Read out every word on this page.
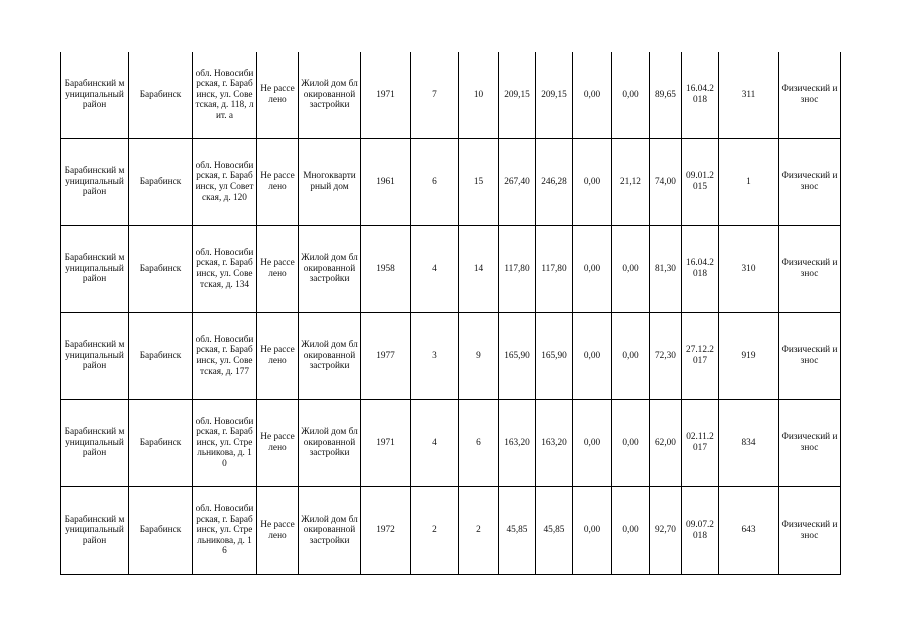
Барабинский муниципальный район	Барабинск	обл. Новосибирская, г. Барабинск, ул. Советская, д. 118, лит. а	Не расселено	Жилой дом блокированной застройки	1971	7	10	209,15	209,15	0,00	0,00	89,65	16.04.2018	311	Физический износ
Барабинский муниципальный район	Барабинск	обл. Новосибирская, г. Барабинск, ул Советская, д. 120	Не расселено	Многоквартирный дом	1961	6	15	267,40	246,28	0,00	21,12	74,00	09.01.2015	1	Физический износ
Барабинский муниципальный район	Барабинск	обл. Новосибирская, г. Барабинск, ул. Советская, д. 134	Не расселено	Жилой дом блокированной застройки	1958	4	14	117,80	117,80	0,00	0,00	81,30	16.04.2018	310	Физический износ
Барабинский муниципальный район	Барабинск	обл. Новосибирская, г. Барабинск, ул. Советская, д. 177	Не расселено	Жилой дом блокированной застройки	1977	3	9	165,90	165,90	0,00	0,00	72,30	27.12.2017	919	Физический износ
Барабинский муниципальный район	Барабинск	обл. Новосибирская, г. Барабинск, ул. Стрельникова, д. 10	Не расселено	Жилой дом блокированной застройки	1971	4	6	163,20	163,20	0,00	0,00	62,00	02.11.2017	834	Физический износ
Барабинский муниципальный район	Барабинск	обл. Новосибирская, г. Барабинск, ул. Стрельникова, д. 16	Не расселено	Жилой дом блокированной застройки	1972	2	2	45,85	45,85	0,00	0,00	92,70	09.07.2018	643	Физический износ
